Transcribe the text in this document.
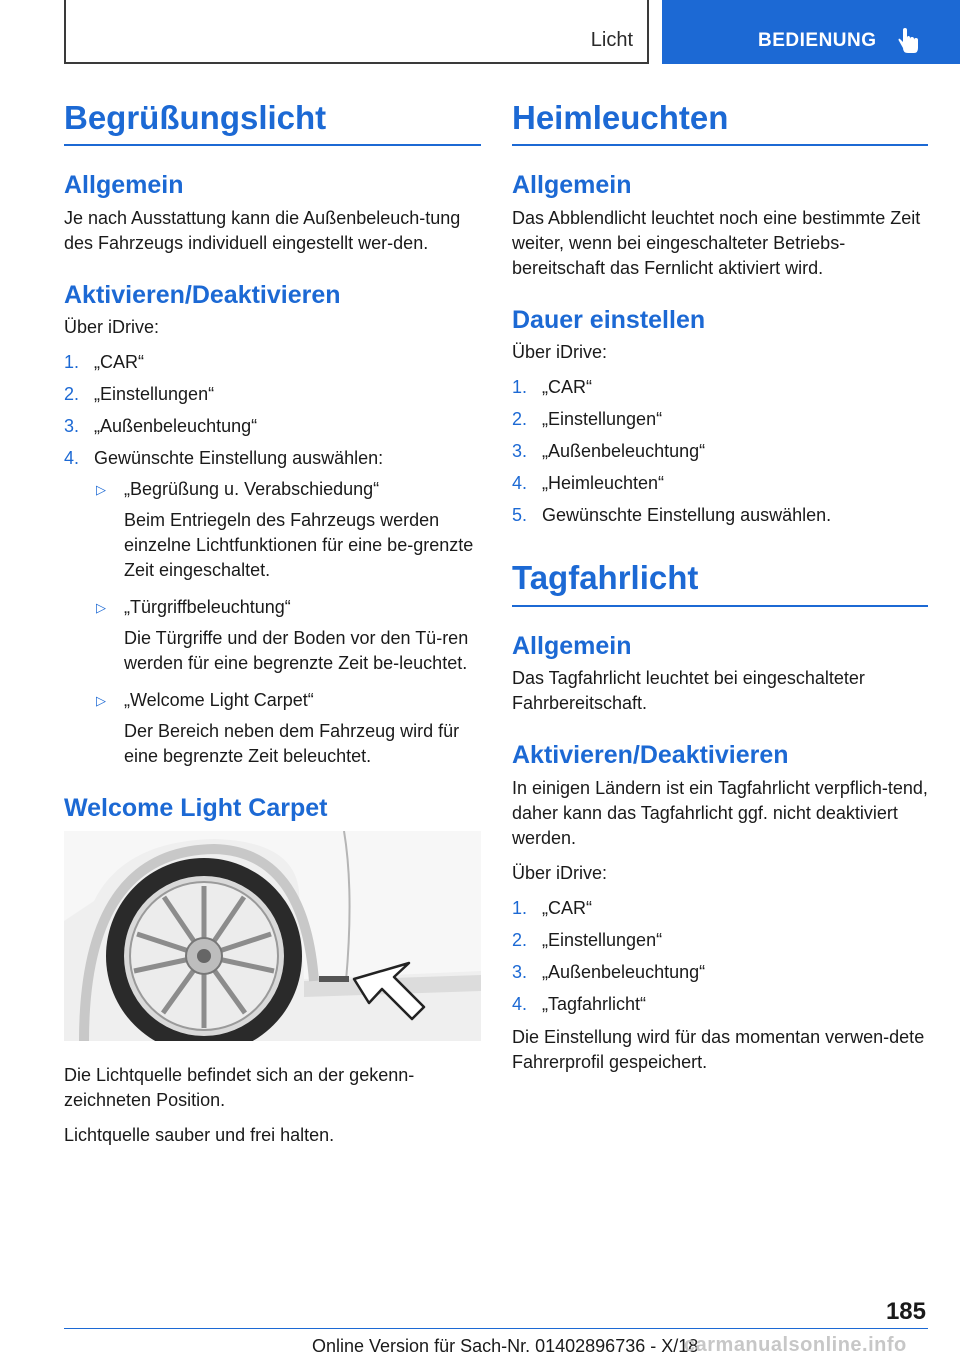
Licht	BEDIENUNG
Begrüßungslicht
Allgemein

Je nach Ausstattung kann die Außenbeleuch-tung des Fahrzeugs individuell eingestellt wer-den.

Aktivieren/Deaktivieren

Über iDrive:

1. „CAR“
2. „Einstellungen“
3. „Außenbeleuchtung“
4. Gewünschte Einstellung auswählen:
▷ „Begrüßung u. Verabschiedung“
Beim Entriegeln des Fahrzeugs werden einzelne Lichtfunktionen für eine be-grenzte Zeit eingeschaltet.
▷ „Türgriffbeleuchtung“
Die Türgriffe und der Boden vor den Tü-ren werden für eine begrenzte Zeit be-leuchtet.
▷ „Welcome Light Carpet“
Der Bereich neben dem Fahrzeug wird für eine begrenzte Zeit beleuchtet.
Welcome Light Carpet

Die Lichtquelle befindet sich an der gekenn-zeichneten Position.

Lichtquelle sauber und frei halten.

Heimleuchten
Allgemein

Das Abblendlicht leuchtet noch eine bestimmte Zeit weiter, wenn bei eingeschalteter Betriebs-bereitschaft das Fernlicht aktiviert wird.

Dauer einstellen

Über iDrive:

1. „CAR“
2. „Einstellungen“
3. „Außenbeleuchtung“
4. „Heimleuchten“
5. Gewünschte Einstellung auswählen.
Tagfahrlicht
Allgemein

Das Tagfahrlicht leuchtet bei eingeschalteter Fahrbereitschaft.

Aktivieren/Deaktivieren

In einigen Ländern ist ein Tagfahrlicht verpflich-tend, daher kann das Tagfahrlicht ggf. nicht deaktiviert werden.

Über iDrive:

1. „CAR“
2. „Einstellungen“
3. „Außenbeleuchtung“
4. „Tagfahrlicht“

Die Einstellung wird für das momentan verwen-dete Fahrerprofil gespeichert.

185
Online Version für Sach-Nr. 01402896736 - X/18
carmanualsonline.info
